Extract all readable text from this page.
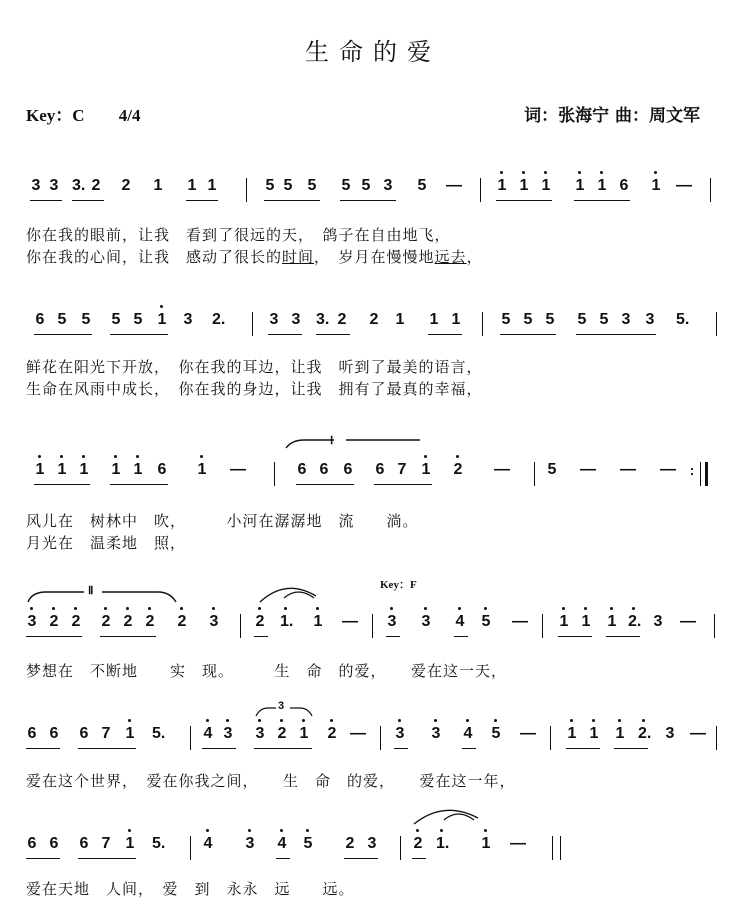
生命的爱
Key：C 4/4	词：张海宁 曲：周文军
3 3 3. 2 2 1 1 1	5 5 5 5 5 3 5 — 1 1 1 1 1 6 1 —
你在我的眼前，让我　看到了很远的天，　鸽子在自由地飞，
你在我的心间，让我　感动了很长的时间，　岁月在慢慢地远去，
6 5 5 5 5 1 3 2.	3 3 3. 2 2 1 1 1	5 5 5 5 5 3 3 5.
鲜花在阳光下开放，　你在我的耳边，让我　听到了最美的语言，
生命在风雨中成长，　你在我的身边，让我　拥有了最真的幸福，
Ⅰ
1 1 1 1 1 6 1 —	6 6 6 6 7 1 2 — 5 — — — :
风儿在　树林中　吹，　　　小河在潺潺地　流　　淌。
月光在　温柔地　照，
Ⅱ	Key：F
3 2 2 2 2 2 2 3 2 1. 1 — 3 3 4 5 — 1 1 1 2. 3 —
梦想在　不断地　　实　现。　　　生　命　的爱，　　爱在这一天，
3
6 6 6 7 1 5. 4 3 3 2 1 2 — 3 3 4 5 — 1 1 1 2. 3 —
爱在这个世界，　爱在你我之间，　　生　命　的爱，　　爱在这一年，
6 6 6 7 1 5. 4 3 4 5 2 3 2 1. 1 —
爱在天地　人间，　爱　到　永永　远　　远。
